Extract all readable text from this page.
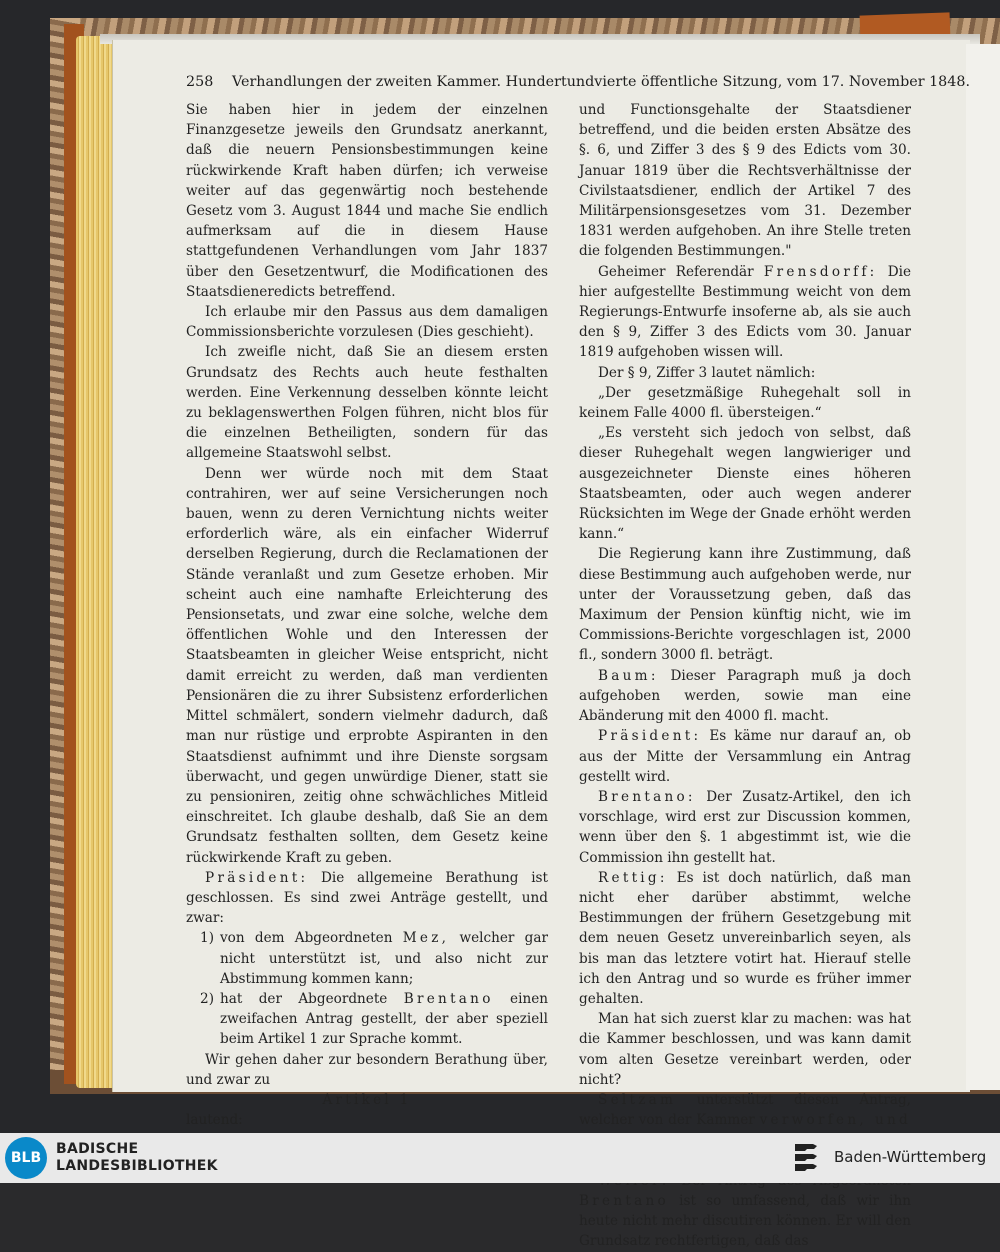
258 Verhandlungen der zweiten Kammer. Hundertundvierte öffentliche Sitzung, vom 17. November 1848.

Sie haben hier in jedem der einzelnen Finanzgesetze jeweils den Grundsatz anerkannt, daß die neuern Pensionsbestimmungen keine rückwirkende Kraft haben dürfen; ich verweise weiter auf das gegenwärtig noch bestehende Gesetz vom 3. August 1844 und mache Sie endlich aufmerksam auf die in diesem Hause stattgefundenen Verhandlungen vom Jahr 1837 über den Gesetzentwurf, die Modificationen des Staatsdieneredicts betreffend.

Ich erlaube mir den Passus aus dem damaligen Commissionsberichte vorzulesen (Dies geschieht).

Ich zweifle nicht, daß Sie an diesem ersten Grundsatz des Rechts auch heute festhalten werden. Eine Verkennung desselben könnte leicht zu beklagenswerthen Folgen führen, nicht blos für die einzelnen Betheiligten, sondern für das allgemeine Staatswohl selbst.

Denn wer würde noch mit dem Staat contrahiren, wer auf seine Versicherungen noch bauen, wenn zu deren Vernichtung nichts weiter erforderlich wäre, als ein einfacher Widerruf derselben Regierung, durch die Reclamationen der Stände veranlaßt und zum Gesetze erhoben. Mir scheint auch eine namhafte Erleichterung des Pensionsetats, und zwar eine solche, welche dem öffentlichen Wohle und den Interessen der Staatsbeamten in gleicher Weise entspricht, nicht damit erreicht zu werden, daß man verdienten Pensionären die zu ihrer Subsistenz erforderlichen Mittel schmälert, sondern vielmehr dadurch, daß man nur rüstige und erprobte Aspiranten in den Staatsdienst aufnimmt und ihre Dienste sorgsam überwacht, und gegen unwürdige Diener, statt sie zu pensioniren, zeitig ohne schwächliches Mitleid einschreitet. Ich glaube deshalb, daß Sie an dem Grundsatz festhalten sollten, dem Gesetz keine rückwirkende Kraft zu geben.

Präsident: Die allgemeine Berathung ist geschlossen. Es sind zwei Anträge gestellt, und zwar:

1) von dem Abgeordneten Mez, welcher gar nicht unterstützt ist, und also nicht zur Abstimmung kommen kann;
2) hat der Abgeordnete Brentano einen zweifachen Antrag gestellt, der aber speziell beim Artikel 1 zur Sprache kommt.

Wir gehen daher zur besondern Berathung über, und zwar zu

Artikel 1

lautend:

und Functionsgehalte der Staatsdiener betreffend, und die beiden ersten Absätze des §. 6, und Ziffer 3 des § 9 des Edicts vom 30. Januar 1819 über die Rechtsverhältnisse der Civilstaatsdiener, endlich der Artikel 7 des Militärpensionsgesetzes vom 31. Dezember 1831 werden aufgehoben. An ihre Stelle treten die folgenden Bestimmungen."

Geheimer Referendär Frensdorff: Die hier aufgestellte Bestimmung weicht von dem Regierungs-Entwurfe insoferne ab, als sie auch den § 9, Ziffer 3 des Edicts vom 30. Januar 1819 aufgehoben wissen will.

Der § 9, Ziffer 3 lautet nämlich:

„Der gesetzmäßige Ruhegehalt soll in keinem Falle 4000 fl. übersteigen.“

„Es versteht sich jedoch von selbst, daß dieser Ruhegehalt wegen langwieriger und ausgezeichneter Dienste eines höheren Staatsbeamten, oder auch wegen anderer Rücksichten im Wege der Gnade erhöht werden kann.“

Die Regierung kann ihre Zustimmung, daß diese Bestimmung auch aufgehoben werde, nur unter der Voraussetzung geben, daß das Maximum der Pension künftig nicht, wie im Commissions-Berichte vorgeschlagen ist, 2000 fl., sondern 3000 fl. beträgt.

Baum: Dieser Paragraph muß ja doch aufgehoben werden, sowie man eine Abänderung mit den 4000 fl. macht.

Präsident: Es käme nur darauf an, ob aus der Mitte der Versammlung ein Antrag gestellt wird.

Brentano: Der Zusatz-Artikel, den ich vorschlage, wird erst zur Discussion kommen, wenn über den §. 1 abgestimmt ist, wie die Commission ihn gestellt hat.

Rettig: Es ist doch natürlich, daß man nicht eher darüber abstimmt, welche Bestimmungen der frühern Gesetzgebung mit dem neuen Gesetz unvereinbarlich seyen, als bis man das letztere votirt hat. Hierauf stelle ich den Antrag und so wurde es früher immer gehalten.

Man hat sich zuerst klar zu machen: was hat die Kammer beschlossen, und was kann damit vom alten Gesetze vereinbart werden, oder nicht?

Seltzam unterstützt diesen Antrag, welcher von der Kammer verworfen, und

Brentano ist so umfassend, daß wir ihn heute nicht mehr discutiren können. Er will den Grundsatz rechtfertigen, daß das

BLB
BADISCHE
LANDESBIBLIOTHEK	Baden-Württemberg
